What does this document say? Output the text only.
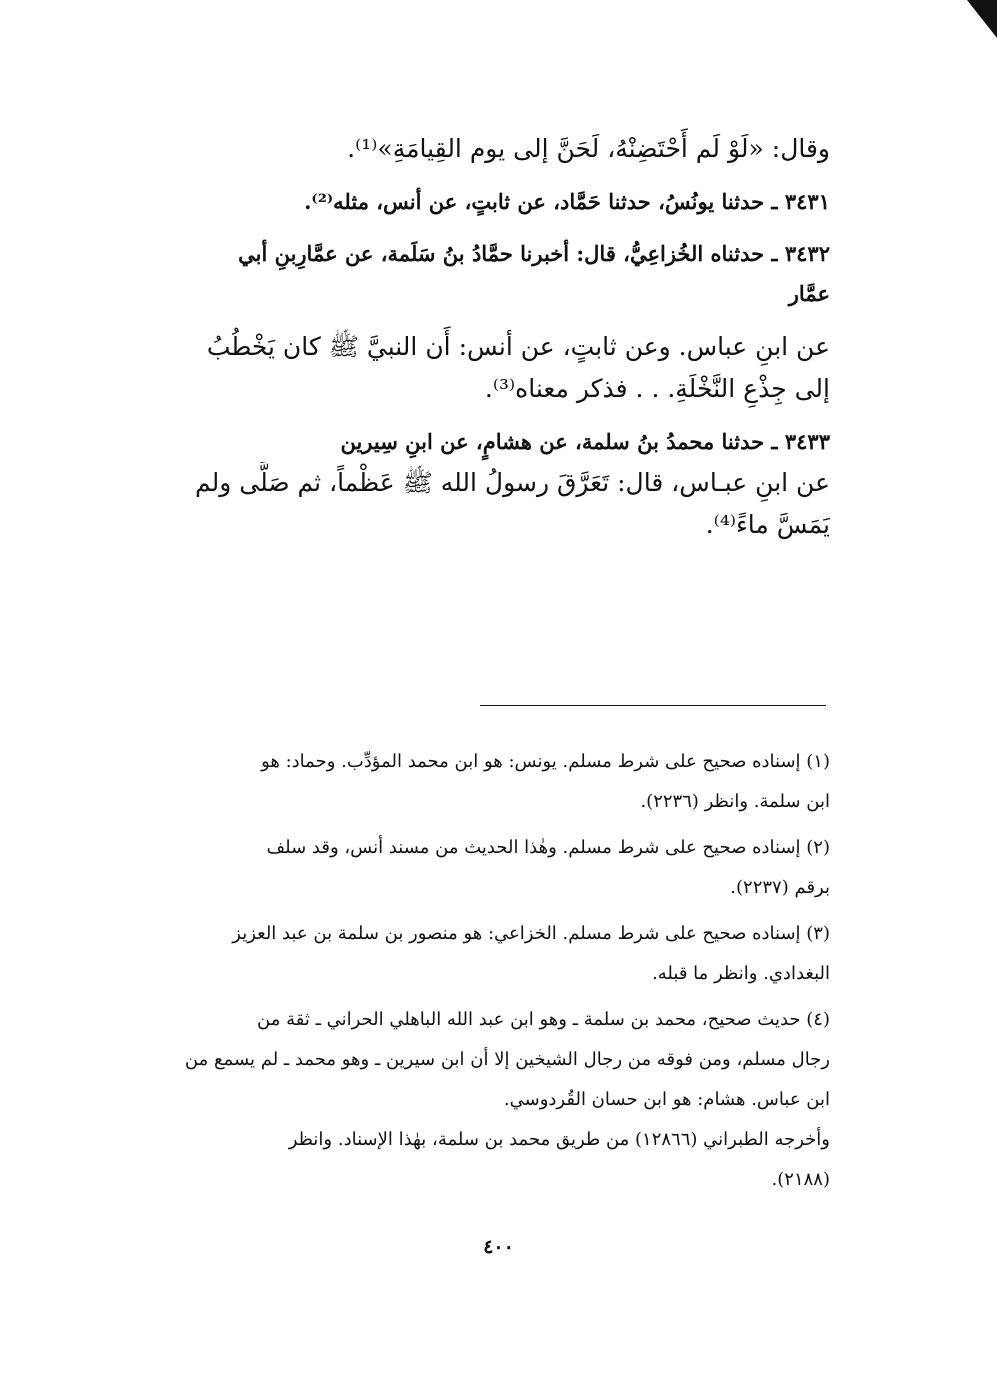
وقال: «لَوْ لَم أَحْتَضِنْهُ، لَحَنَّ إلى يوم القِيامَةِ»⁽¹⁾.

٣٤٣١ ـ حدثنا يونُسُ، حدثنا حَمَّاد، عن ثابتٍ، عن أنس، مثله⁽²⁾.

٣٤٣٢ ـ حدثناه الخُزاعِيُّ، قال: أخبرنا حمَّادُ بنُ سَلَمة، عن عمَّارِبنِ أبي

عمَّار

عن ابنِ عباس. وعن ثابتٍ، عن أنس: أَن النبيَّ ﷺ كان يَخْطُبُ

إلى جِذْعِ النَّخْلَةِ. . . فذكر معناه⁽³⁾.

٣٤٣٣ ـ حدثنا محمدُ بنُ سلمة، عن هشامٍ، عن ابنِ سِيرين

عن ابنِ عبـاس، قال: تَعَرَّقَ رسولُ الله ﷺ عَظْماً، ثم صَلَّى ولم

يَمَسَّ ماءً⁽⁴⁾.

(١) إسناده صحيح على شرط مسلم. يونس: هو ابن محمد المؤدِّب. وحماد: هو

ابن سلمة. وانظر (٢٢٣٦).

(٢) إسناده صحيح على شرط مسلم. وهٰذا الحديث من مسند أنس، وقد سلف

برقم (٢٢٣٧).

(٣) إسناده صحيح على شرط مسلم. الخزاعي: هو منصور بن سلمة بن عبد العزيز

البغدادي. وانظر ما قبله.

(٤) حديث صحيح، محمد بن سلمة ـ وهو ابن عبد الله الباهلي الحراني ـ ثقة من

رجال مسلم، ومن فوقه من رجال الشيخين إلا أن ابن سيرين ـ وهو محمد ـ لم يسمع من

ابن عباس. هشام: هو ابن حسان القُردوسي.

وأخرجه الطبراني (١٢٨٦٦) من طريق محمد بن سلمة، بهٰذا الإسناد. وانظر

(٢١٨٨).

٤٠٠
